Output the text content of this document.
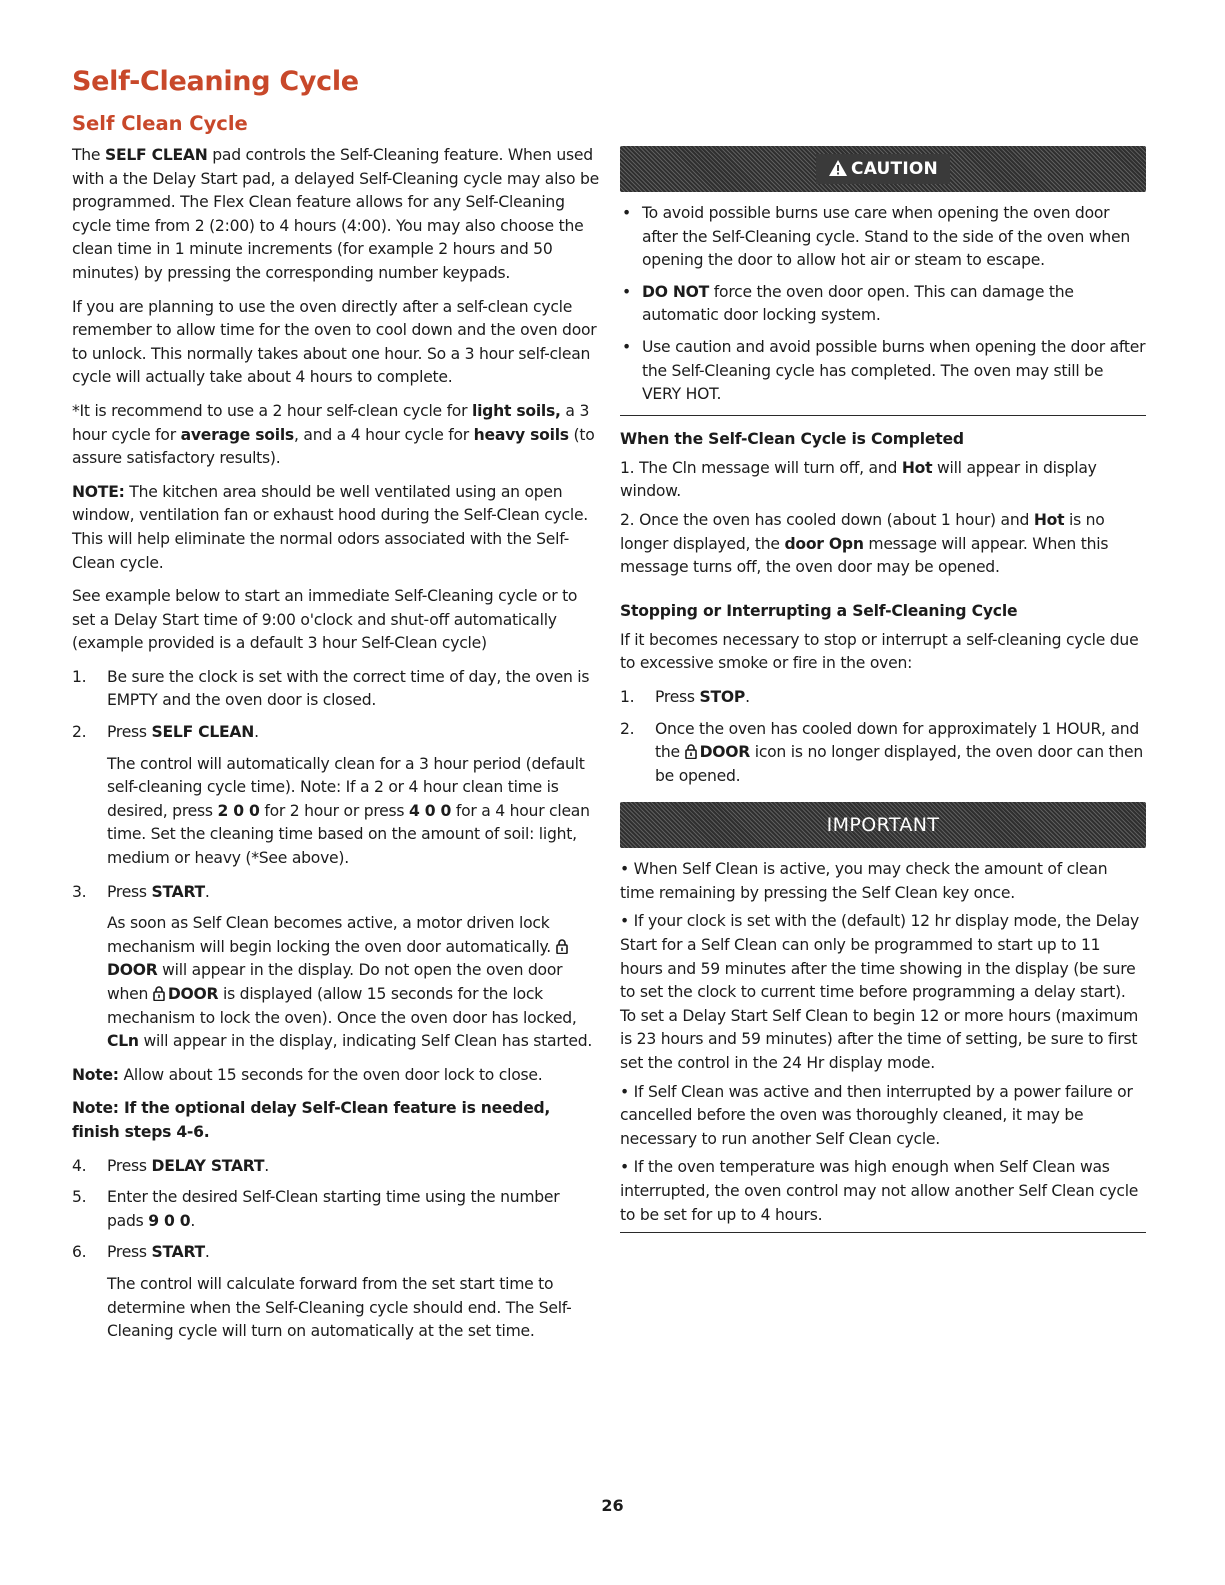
Self-Cleaning Cycle
Self Clean Cycle

The SELF CLEAN pad controls the Self-Cleaning feature. When used with a the Delay Start pad, a delayed Self-Cleaning cycle may also be programmed. The Flex Clean feature allows for any Self-Cleaning cycle time from 2 (2:00) to 4 hours (4:00). You may also choose the clean time in 1 minute increments (for example 2 hours and 50 minutes) by pressing the corresponding number keypads.

If you are planning to use the oven directly after a self-clean cycle remember to allow time for the oven to cool down and the oven door to unlock. This normally takes about one hour. So a 3 hour self-clean cycle will actually take about 4 hours to complete.

*It is recommend to use a 2 hour self-clean cycle for light soils, a 3 hour cycle for average soils, and a 4 hour cycle for heavy soils (to assure satisfactory results).

NOTE: The kitchen area should be well ventilated using an open window, ventilation fan or exhaust hood during the Self-Clean cycle. This will help eliminate the normal odors associated with the Self-Clean cycle.

See example below to start an immediate Self-Cleaning cycle or to set a Delay Start time of 9:00 o'clock and shut-off automatically (example provided is a default 3 hour Self-Clean cycle)

1. Be sure the clock is set with the correct time of day, the oven is EMPTY and the oven door is closed.
2. Press SELF CLEAN.

The control will automatically clean for a 3 hour period (default self-cleaning cycle time). Note: If a 2 or 4 hour clean time is desired, press 2 0 0 for 2 hour or press 4 0 0 for a 4 hour clean time. Set the cleaning time based on the amount of soil: light, medium or heavy (*See above).

3. Press START.

As soon as Self Clean becomes active, a motor driven lock mechanism will begin locking the oven door automatically. DOOR will appear in the display. Do not open the oven door when DOOR is displayed (allow 15 seconds for the lock mechanism to lock the oven). Once the oven door has locked, CLn will appear in the display, indicating Self Clean has started.

Note: Allow about 15 seconds for the oven door lock to close.

Note: If the optional delay Self-Clean feature is needed, finish steps 4-6.

4. Press DELAY START.
5. Enter the desired Self-Clean starting time using the number pads 9 0 0.
6. Press START.

The control will calculate forward from the set start time to determine when the Self-Cleaning cycle should end. The Self-Cleaning cycle will turn on automatically at the set time.

CAUTION
• To avoid possible burns use care when opening the oven door after the Self-Cleaning cycle. Stand to the side of the oven when opening the door to allow hot air or steam to escape.
• DO NOT force the oven door open. This can damage the automatic door locking system.
• Use caution and avoid possible burns when opening the door after the Self-Cleaning cycle has completed. The oven may still be VERY HOT.
When the Self-Clean Cycle is Completed

1. The Cln message will turn off, and Hot will appear in display window.

2. Once the oven has cooled down (about 1 hour) and Hot is no longer displayed, the door Opn message will appear. When this message turns off, the oven door may be opened.

Stopping or Interrupting a Self-Cleaning Cycle

If it becomes necessary to stop or interrupt a self-cleaning cycle due to excessive smoke or fire in the oven:

1. Press STOP.
2. Once the oven has cooled down for approximately 1 HOUR, and the DOOR icon is no longer displayed, the oven door can then be opened.
IMPORTANT

• When Self Clean is active, you may check the amount of clean time remaining by pressing the Self Clean key once.

• If your clock is set with the (default) 12 hr display mode, the Delay Start for a Self Clean can only be programmed to start up to 11 hours and 59 minutes after the time showing in the display (be sure to set the clock to current time before programming a delay start). To set a Delay Start Self Clean to begin 12 or more hours (maximum is 23 hours and 59 minutes) after the time of setting, be sure to first set the control in the 24 Hr display mode.

• If Self Clean was active and then interrupted by a power failure or cancelled before the oven was thoroughly cleaned, it may be necessary to run another Self Clean cycle.

• If the oven temperature was high enough when Self Clean was interrupted, the oven control may not allow another Self Clean cycle to be set for up to 4 hours.

26
